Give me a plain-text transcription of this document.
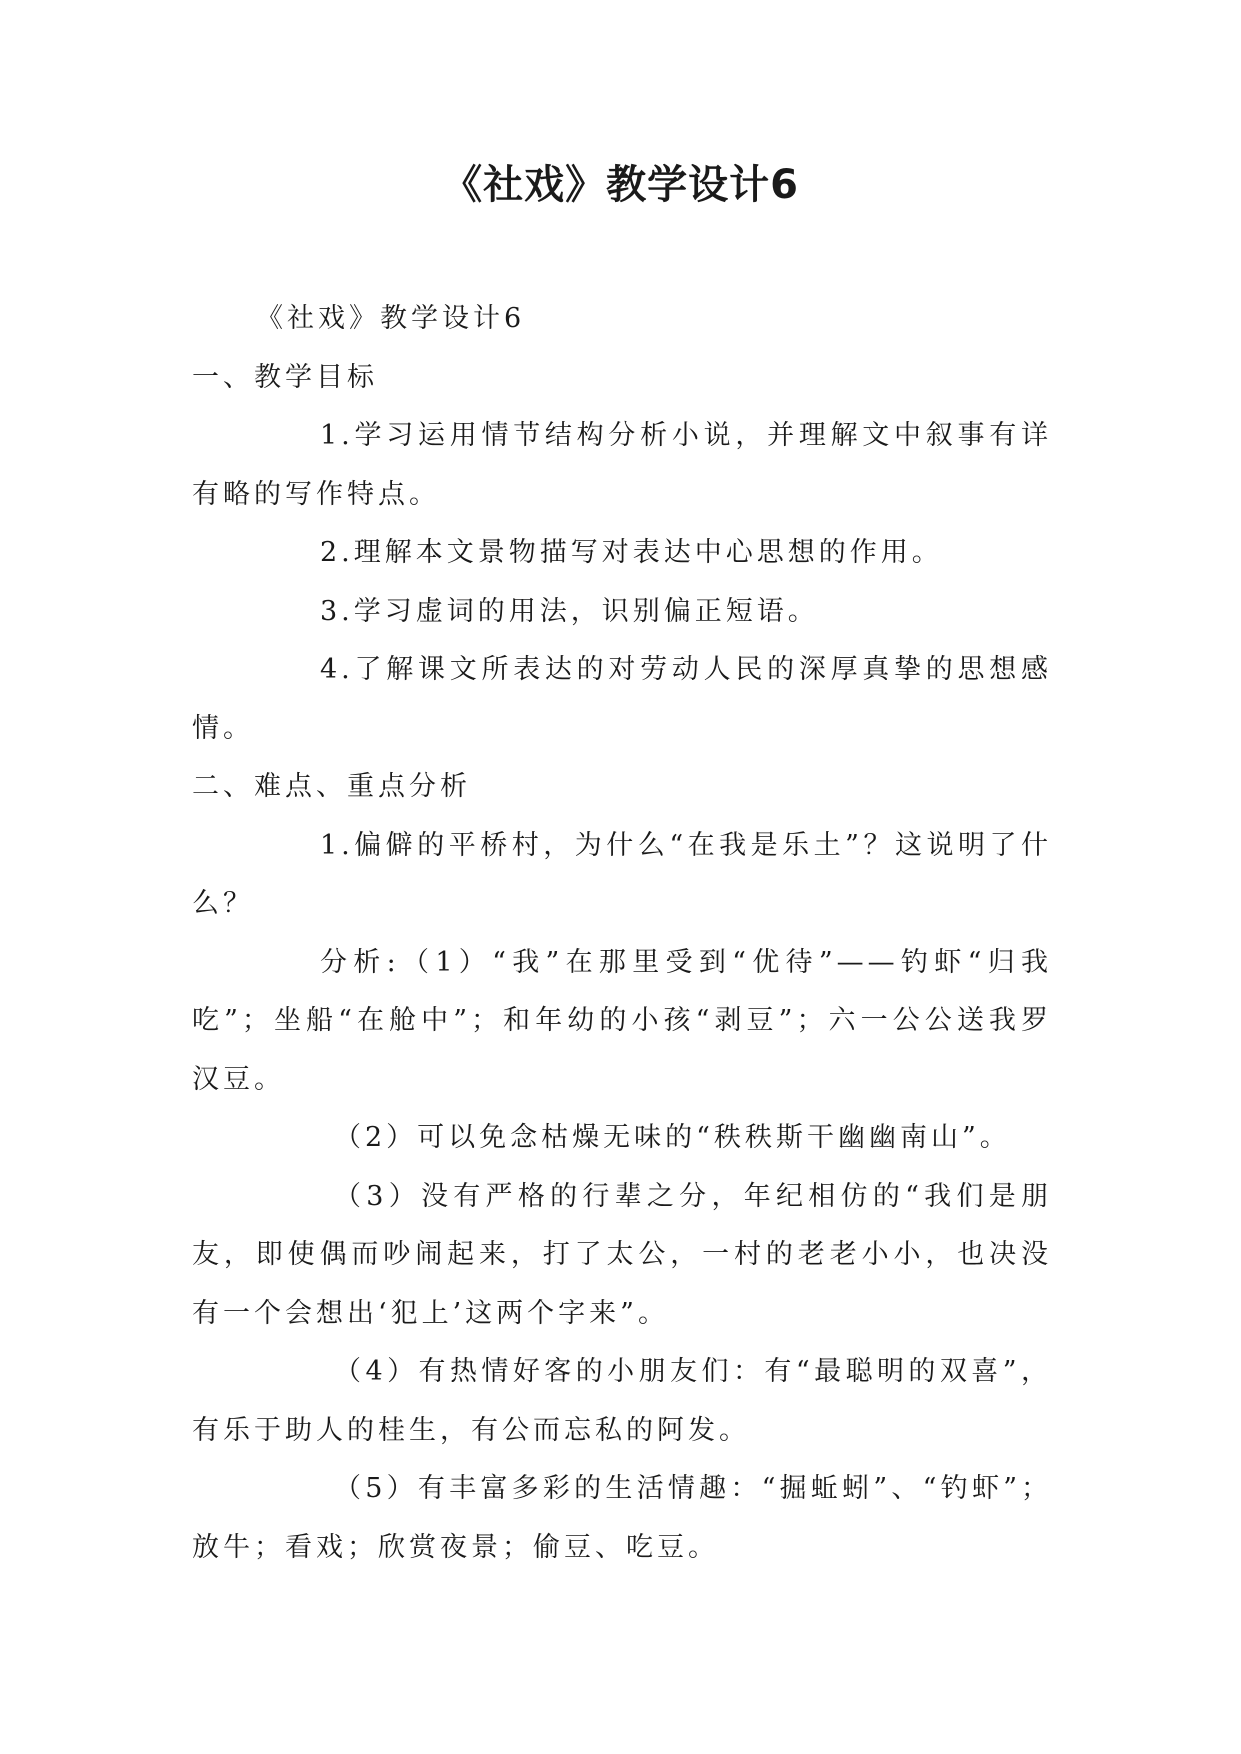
《社戏》教学设计6

《社戏》教学设计6

一、教学目标

1.学习运用情节结构分析小说，并理解文中叙事有详有略的写作特点。

2.理解本文景物描写对表达中心思想的作用。

3.学习虚词的用法，识别偏正短语。

4.了解课文所表达的对劳动人民的深厚真挚的思想感情。

二、难点、重点分析

1.偏僻的平桥村，为什么“在我是乐土”？这说明了什么？

分析:（1）“我”在那里受到“优待”——钓虾“归我吃”；坐船“在舱中”；和年幼的小孩“剥豆”；六一公公送我罗汉豆。

（2）可以免念枯燥无味的“秩秩斯干幽幽南山”。

（3）没有严格的行辈之分，年纪相仿的“我们是朋友，即使偶而吵闹起来，打了太公，一村的老老小小，也决没有一个会想出‘犯上’这两个字来”。

（4）有热情好客的小朋友们：有“最聪明的双喜”，有乐于助人的桂生，有公而忘私的阿发。

（5）有丰富多彩的生活情趣：“掘蚯蚓”、“钓虾”；放牛；看戏；欣赏夜景；偷豆、吃豆。
